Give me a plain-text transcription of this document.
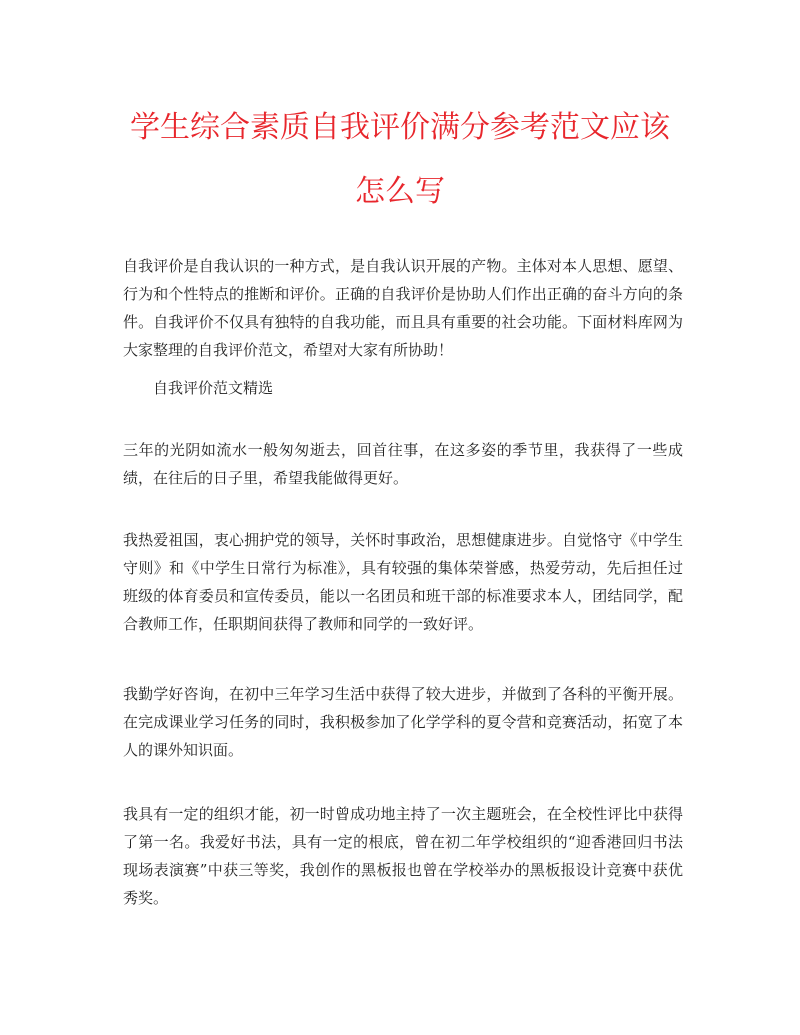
学生综合素质自我评价满分参考范文应该
怎么写

自我评价是自我认识的一种方式，是自我认识开展的产物。主体对本人思想、愿望、行为和个性特点的推断和评价。正确的自我评价是协助人们作出正确的奋斗方向的条件。自我评价不仅具有独特的自我功能，而且具有重要的社会功能。下面材料库网为大家整理的自我评价范文，希望对大家有所协助！

自我评价范文精选

三年的光阴如流水一般匆匆逝去，回首往事，在这多姿的季节里，我获得了一些成绩，在往后的日子里，希望我能做得更好。

我热爱祖国，衷心拥护党的领导，关怀时事政治，思想健康进步。自觉恪守《中学生守则》和《中学生日常行为标准》，具有较强的集体荣誉感，热爱劳动，先后担任过班级的体育委员和宣传委员，能以一名团员和班干部的标准要求本人，团结同学，配合教师工作，任职期间获得了教师和同学的一致好评。

我勤学好咨询，在初中三年学习生活中获得了较大进步，并做到了各科的平衡开展。在完成课业学习任务的同时，我积极参加了化学学科的夏令营和竞赛活动，拓宽了本人的课外知识面。

我具有一定的组织才能，初一时曾成功地主持了一次主题班会，在全校性评比中获得了第一名。我爱好书法，具有一定的根底，曾在初二年学校组织的“迎香港回归书法现场表演赛”中获三等奖，我创作的黑板报也曾在学校举办的黑板报设计竞赛中获优秀奖。
